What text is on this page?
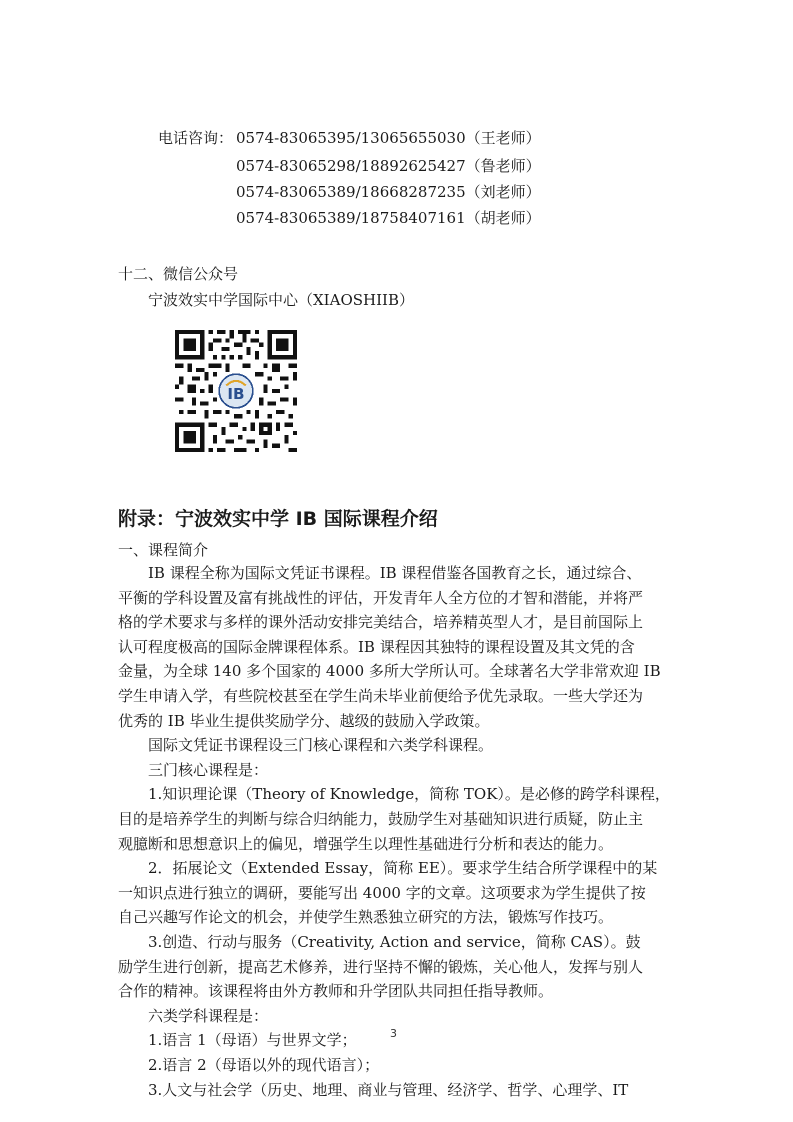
电话咨询： 0574-83065395/13065655030（王老师）
0574-83065298/18892625427（鲁老师）
0574-83065389/18668287235（刘老师）
0574-83065389/18758407161（胡老师）
十二、微信公众号
宁波效实中学国际中心（XIAOSHIIB）
IB
附录：宁波效实中学 IB 国际课程介绍
一、课程简介
　　IB 课程全称为国际文凭证书课程。IB 课程借鉴各国教育之长，通过综合、
平衡的学科设置及富有挑战性的评估，开发青年人全方位的才智和潜能，并将严
格的学术要求与多样的课外活动安排完美结合，培养精英型人才，是目前国际上
认可程度极高的国际金牌课程体系。IB 课程因其独特的课程设置及其文凭的含
金量，为全球 140 多个国家的 4000 多所大学所认可。全球著名大学非常欢迎 IB
学生申请入学，有些院校甚至在学生尚未毕业前便给予优先录取。一些大学还为
优秀的 IB 毕业生提供奖励学分、越级的鼓励入学政策。
　　国际文凭证书课程设三门核心课程和六类学科课程。
　　三门核心课程是：
　　1.知识理论课（Theory of Knowledge，简称 TOK）。是必修的跨学科课程，
目的是培养学生的判断与综合归纳能力，鼓励学生对基础知识进行质疑，防止主
观臆断和思想意识上的偏见，增强学生以理性基础进行分析和表达的能力。
　　2．拓展论文（Extended Essay，简称 EE）。要求学生结合所学课程中的某
一知识点进行独立的调研，要能写出 4000 字的文章。这项要求为学生提供了按
自己兴趣写作论文的机会，并使学生熟悉独立研究的方法，锻炼写作技巧。
　　3.创造、行动与服务（Creativity, Action and service，简称 CAS）。鼓
励学生进行创新，提高艺术修养，进行坚持不懈的锻炼，关心他人，发挥与别人
合作的精神。该课程将由外方教师和升学团队共同担任指导教师。
　　六类学科课程是：
　　1.语言 1（母语）与世界文学；
　　2.语言 2（母语以外的现代语言）；
　　3.人文与社会学（历史、地理、商业与管理、经济学、哲学、心理学、IT
3
